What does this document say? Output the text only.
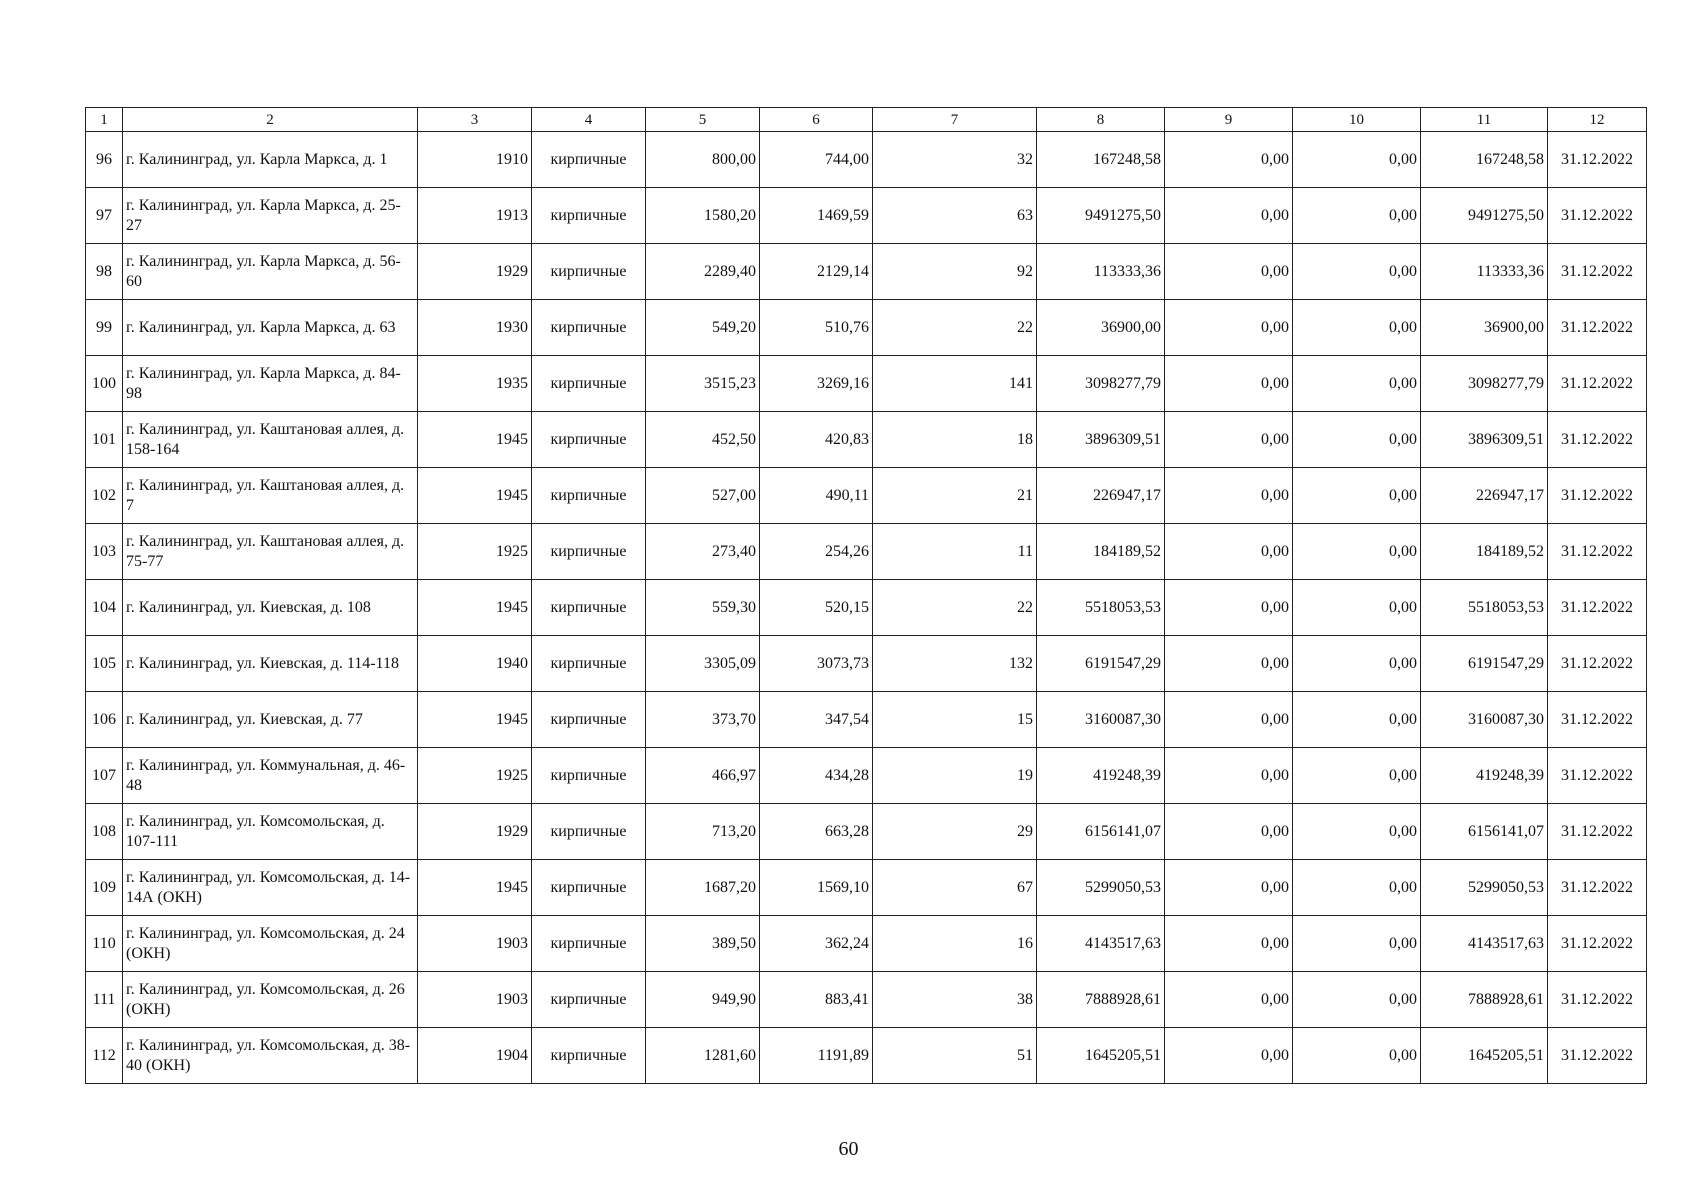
1	2	3	4	5	6	7	8	9	10	11	12
96	г. Калининград, ул. Карла Маркса, д. 1	1910	кирпичные	800,00	744,00	32	167248,58	0,00	0,00	167248,58	31.12.2022
97	г. Калининград, ул. Карла Маркса, д. 25-27	1913	кирпичные	1580,20	1469,59	63	9491275,50	0,00	0,00	9491275,50	31.12.2022
98	г. Калининград, ул. Карла Маркса, д. 56-60	1929	кирпичные	2289,40	2129,14	92	113333,36	0,00	0,00	113333,36	31.12.2022
99	г. Калининград, ул. Карла Маркса, д. 63	1930	кирпичные	549,20	510,76	22	36900,00	0,00	0,00	36900,00	31.12.2022
100	г. Калининград, ул. Карла Маркса, д. 84-98	1935	кирпичные	3515,23	3269,16	141	3098277,79	0,00	0,00	3098277,79	31.12.2022
101	г. Калининград, ул. Каштановая аллея, д. 158-164	1945	кирпичные	452,50	420,83	18	3896309,51	0,00	0,00	3896309,51	31.12.2022
102	г. Калининград, ул. Каштановая аллея, д. 7	1945	кирпичные	527,00	490,11	21	226947,17	0,00	0,00	226947,17	31.12.2022
103	г. Калининград, ул. Каштановая аллея, д. 75-77	1925	кирпичные	273,40	254,26	11	184189,52	0,00	0,00	184189,52	31.12.2022
104	г. Калининград, ул. Киевская, д. 108	1945	кирпичные	559,30	520,15	22	5518053,53	0,00	0,00	5518053,53	31.12.2022
105	г. Калининград, ул. Киевская, д. 114-118	1940	кирпичные	3305,09	3073,73	132	6191547,29	0,00	0,00	6191547,29	31.12.2022
106	г. Калининград, ул. Киевская, д. 77	1945	кирпичные	373,70	347,54	15	3160087,30	0,00	0,00	3160087,30	31.12.2022
107	г. Калининград, ул. Коммунальная, д. 46-48	1925	кирпичные	466,97	434,28	19	419248,39	0,00	0,00	419248,39	31.12.2022
108	г. Калининград, ул. Комсомольская, д. 107-111	1929	кирпичные	713,20	663,28	29	6156141,07	0,00	0,00	6156141,07	31.12.2022
109	г. Калининград, ул. Комсомольская, д. 14-14А (ОКН)	1945	кирпичные	1687,20	1569,10	67	5299050,53	0,00	0,00	5299050,53	31.12.2022
110	г. Калининград, ул. Комсомольская, д. 24 (ОКН)	1903	кирпичные	389,50	362,24	16	4143517,63	0,00	0,00	4143517,63	31.12.2022
111	г. Калининград, ул. Комсомольская, д. 26 (ОКН)	1903	кирпичные	949,90	883,41	38	7888928,61	0,00	0,00	7888928,61	31.12.2022
112	г. Калининград, ул. Комсомольская, д. 38-40 (ОКН)	1904	кирпичные	1281,60	1191,89	51	1645205,51	0,00	0,00	1645205,51	31.12.2022
60
